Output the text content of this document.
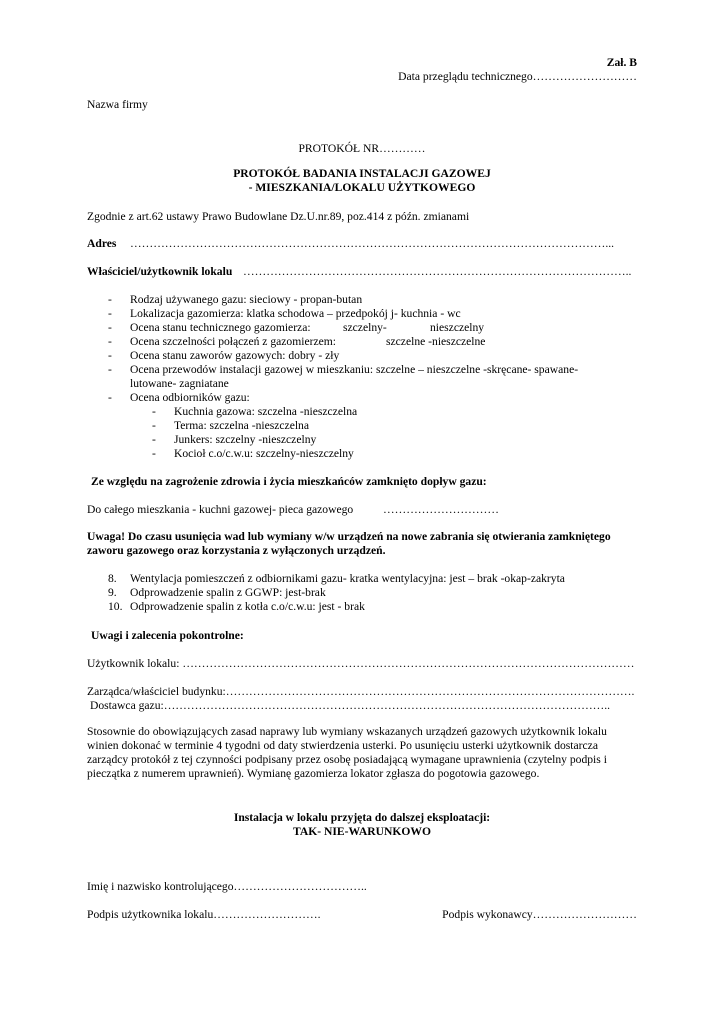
Zał. B
Data przeglądu technicznego………………………
Nazwa firmy
PROTOKÓŁ NR…………
PROTOKÓŁ BADANIA INSTALACJI GAZOWEJ
- MIESZKANIA/LOKALU UŻYTKOWEGO
Zgodnie z art.62 ustawy Prawo Budowlane Dz.U.nr.89, poz.414 z późn. zmianami
Adres ……………………………………………………………………………………………………………...
Właściciel/użytkownik lokalu ………………………………………………………………………………………..
- Rodzaj używanego gazu: sieciowy - propan-butan
- Lokalizacja gazomierza: klatka schodowa – przedpokój j- kuchnia - wc
- Ocena stanu technicznego gazomierza:	szczelny-	nieszczelny
- Ocena szczelności połączeń z gazomierzem:	szczelne -nieszczelne
- Ocena stanu zaworów gazowych: dobry - zły
- Ocena przewodów instalacji gazowej w mieszkaniu: szczelne – nieszczelne -skręcane- spawane-
lutowane- zagniatane
- Ocena odbiorników gazu:
- Kuchnia gazowa: szczelna -nieszczelna
- Terma: szczelna -nieszczelna
- Junkers: szczelny -nieszczelny
- Kocioł c.o/c.w.u: szczelny-nieszczelny
Ze względu na zagrożenie zdrowia i życia mieszkańców zamknięto dopływ gazu:
Do całego mieszkania - kuchni gazowej- pieca gazowego	…………………………
Uwaga! Do czasu usunięcia wad lub wymiany w/w urządzeń na nowe zabrania się otwierania zamkniętego
zaworu gazowego oraz korzystania z wyłączonych urządzeń.
8. Wentylacja pomieszczeń z odbiornikami gazu- kratka wentylacyjna: jest – brak -okap-zakryta
9. Odprowadzenie spalin z GGWP: jest-brak
10. Odprowadzenie spalin z kotła c.o/c.w.u: jest - brak
Uwagi i zalecenia pokontrolne:
Użytkownik lokalu: ………………………………………………………………………………………………………
Zarządca/właściciel budynku:…………………………………………………………………………………………….
Dostawca gazu:……………………………………………………………………………………………………..
Stosownie do obowiązujących zasad naprawy lub wymiany wskazanych urządzeń gazowych użytkownik lokalu
winien dokonać w terminie 4 tygodni od daty stwierdzenia usterki. Po usunięciu usterki użytkownik dostarcza
zarządcy protokół z tej czynności podpisany przez osobę posiadającą wymagane uprawnienia (czytelny podpis i
pieczątka z numerem uprawnień). Wymianę gazomierza lokator zgłasza do pogotowia gazowego.
Instalacja w lokalu przyjęta do dalszej eksploatacji:
TAK- NIE-WARUNKOWO
Imię i nazwisko kontrolującego……………………………..
Podpis użytkownika lokalu……………………….	Podpis wykonawcy………………………
